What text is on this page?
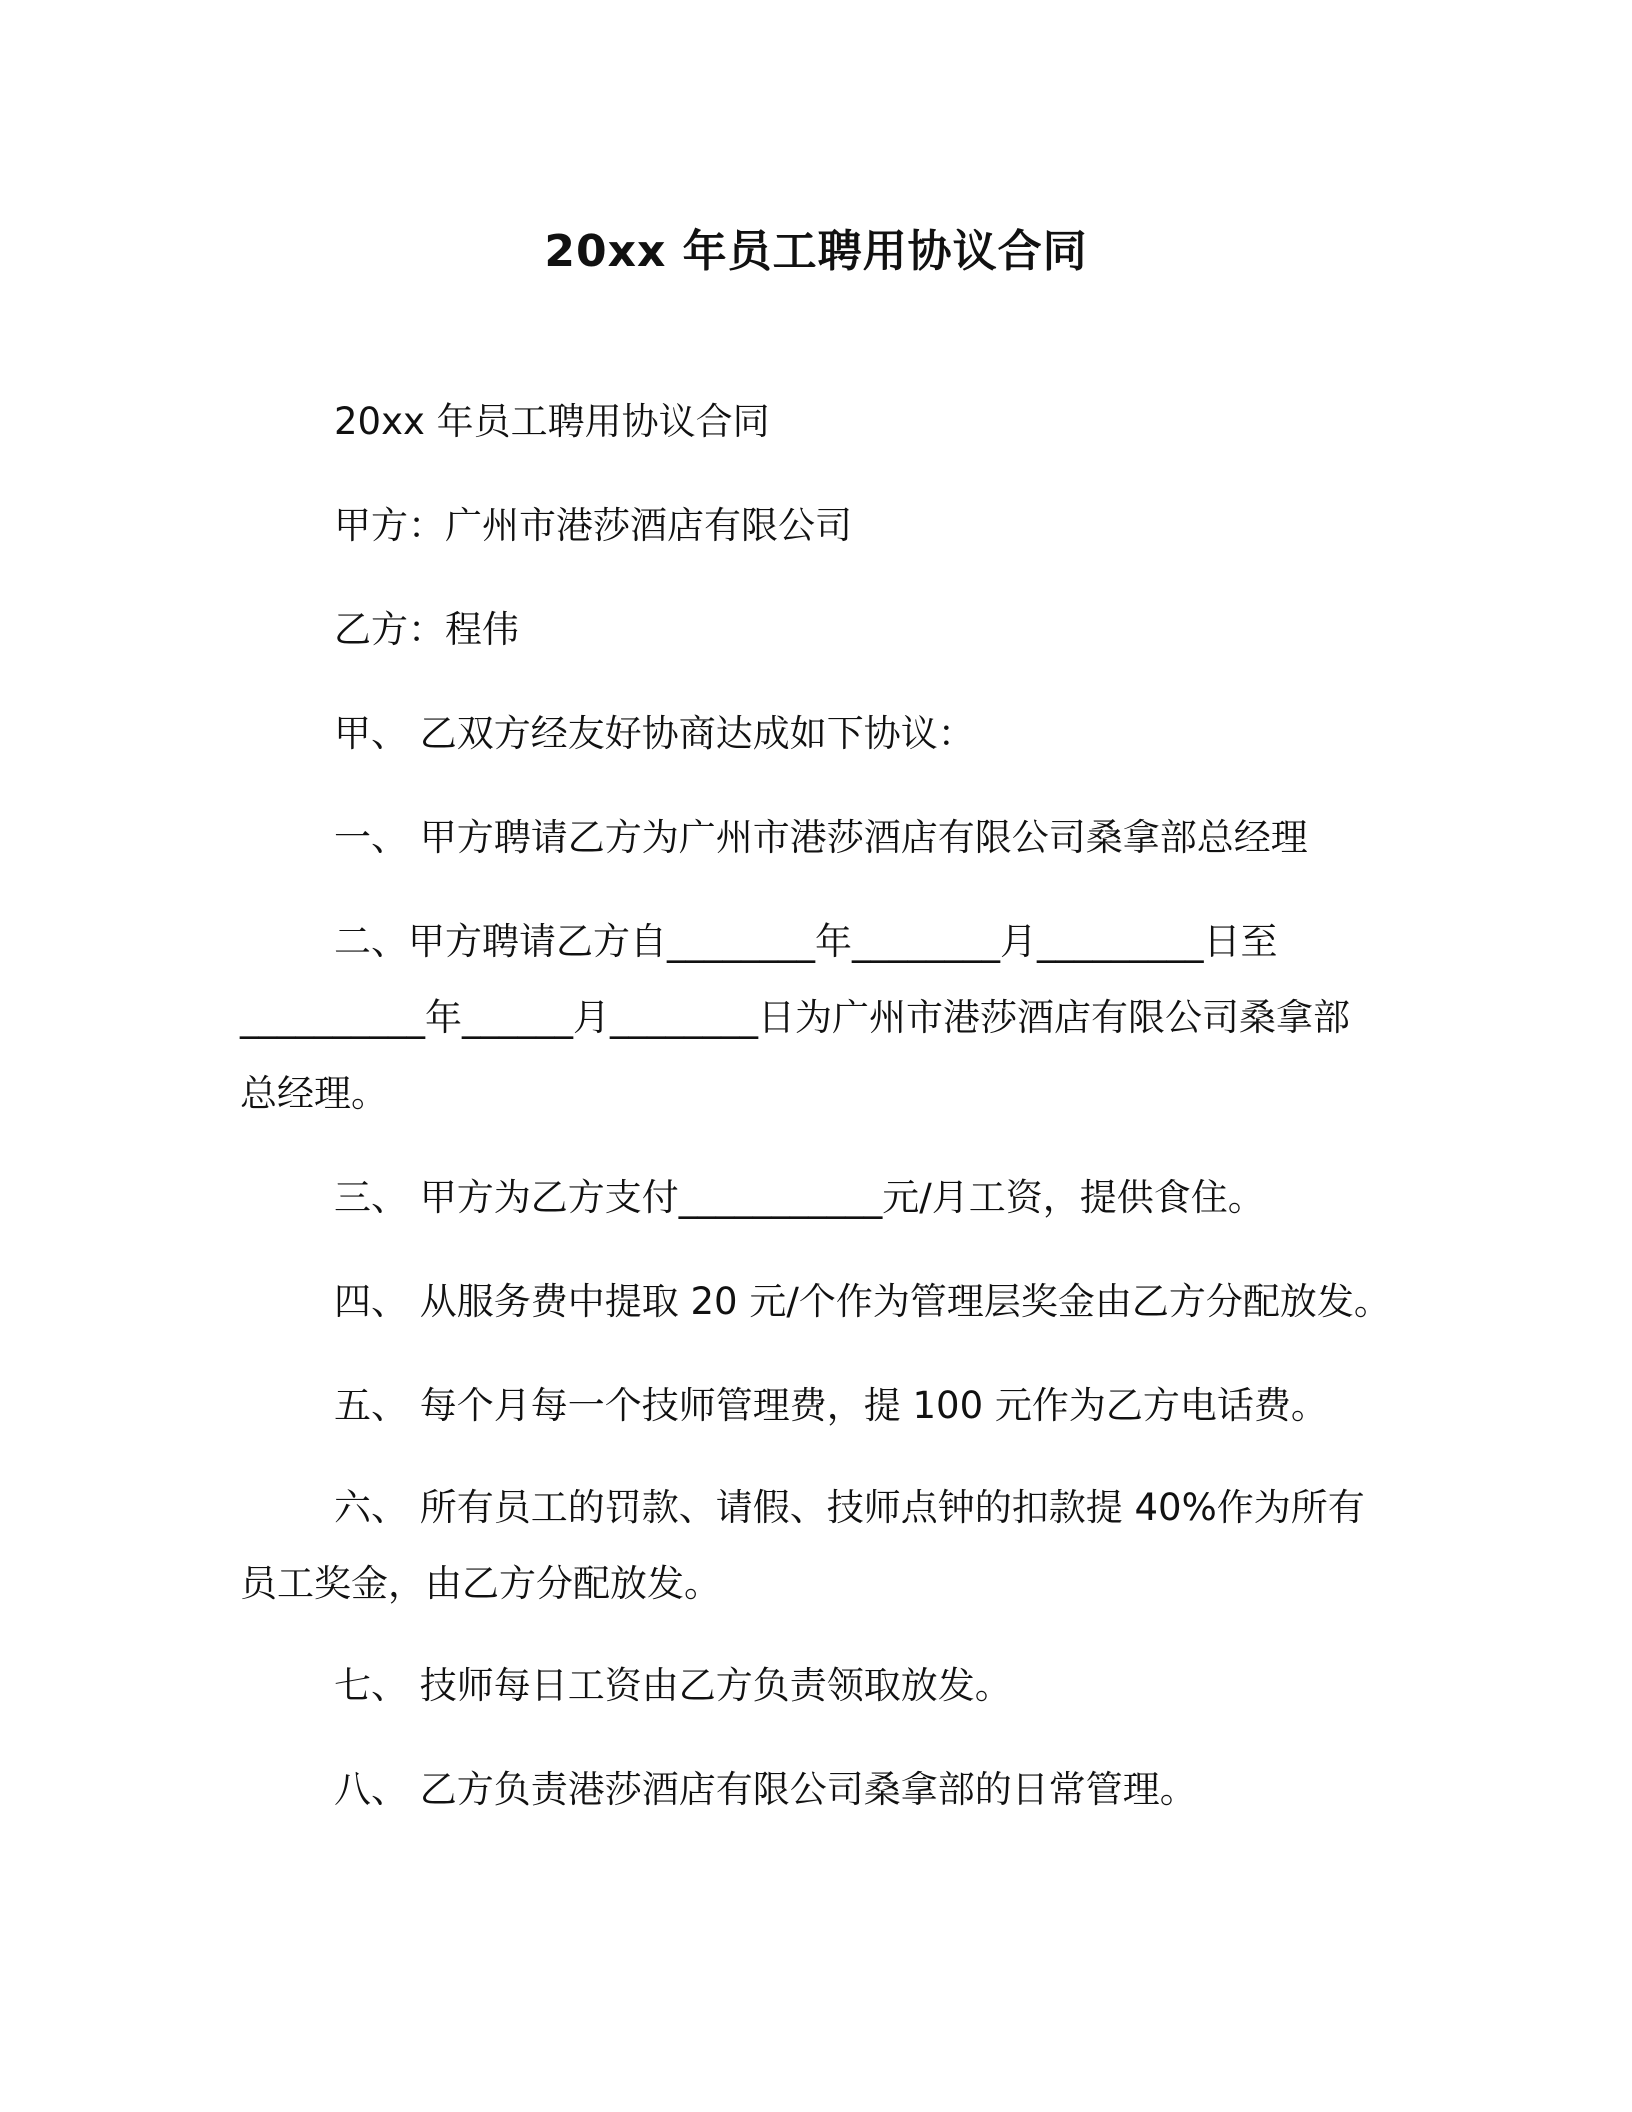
20xx 年员工聘用协议合同
20xx 年员工聘用协议合同
甲方：广州市港莎酒店有限公司
乙方：程伟
甲、 乙双方经友好协商达成如下协议：
一、 甲方聘请乙方为广州市港莎酒店有限公司桑拿部总经理
二、甲方聘请乙方自________年________月_________日至
__________年______月________日为广州市港莎酒店有限公司桑拿部
总经理。
三、 甲方为乙方支付___________元/月工资，提供食住。
四、 从服务费中提取 20 元/个作为管理层奖金由乙方分配放发。
五、 每个月每一个技师管理费，提 100 元作为乙方电话费。
六、 所有员工的罚款、请假、技师点钟的扣款提 40%作为所有
员工奖金，由乙方分配放发。
七、 技师每日工资由乙方负责领取放发。
八、 乙方负责港莎酒店有限公司桑拿部的日常管理。
